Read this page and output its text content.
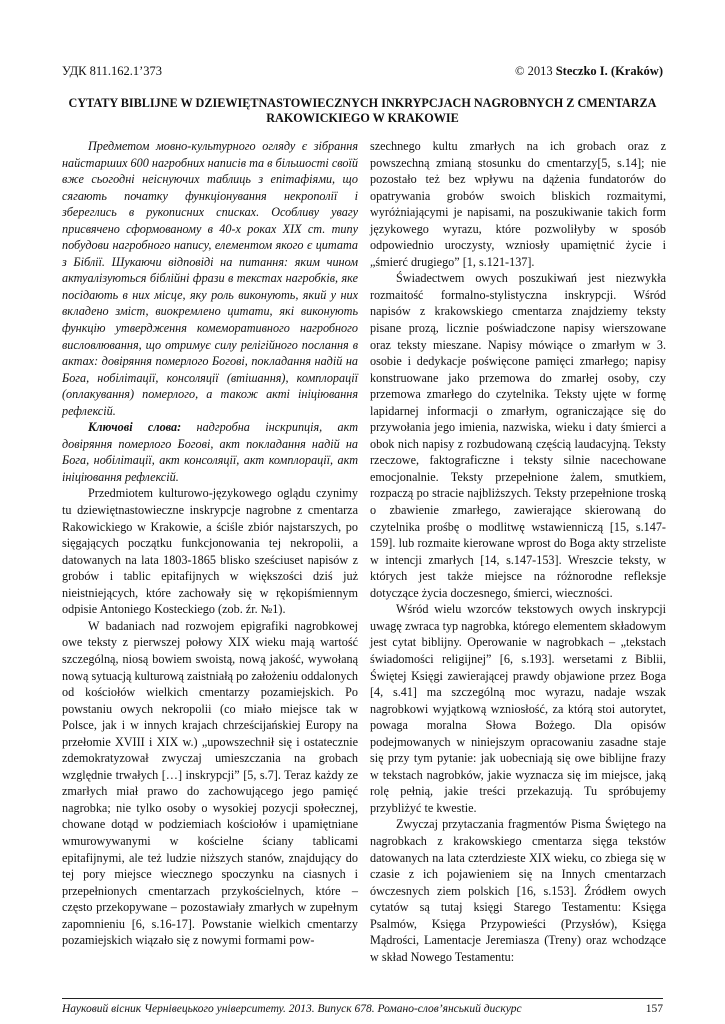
УДК 811.162.1’373	© 2013 Steczko I. (Kraków)
CYTATY BIBLIJNE W DZIEWIĘTNASTOWIECZNYCH INKRYPCJACH NAGROBNYCH Z CMENTARZA RAKOWICKIEGO W KRAKOWIE

Предметом мовно-культурного огляду є зібрання найстарших 600 нагробних написів та в більшості своїй вже сьогодні неіснуючих таблиць з епітафіями, що сягають початку функціонування некрополії і збереглись в рукописних списках. Особливу увагу присвячено сформованому в 40-х роках XIX ст. типу побудови нагробного напису, елементом якого є цитата з Біблії. Шукаючи відповіді на питання: яким чином актуалізуються біблійні фрази в текстах нагробків, яке посідають в них місце, яку роль виконують, який у них вкладено зміст, виокремлено цитати, які виконують функцію утвердження комеморативного нагробного висловлювання, що отримує силу релігійного послання в актах: довіряння померлого Богові, покладання надій на Бога, нобілітації, консоляції (втішання), комплорації (оплакування) померлого, а також акті ініціювання рефлексій.

Ключові слова: надгробна інскрипція, акт довіряння померлого Богові, акт покладання надій на Бога, нобілітації, акт консоляції, акт комплорації, акт ініціювання рефлексій.

Przedmiotem kulturowo-językowego oglądu czynimy tu dziewiętnastowieczne inskrypcje nagrobne z cmentarza Rakowickiego w Krakowie, a ściśle zbiór najstarszych, po sięgających początku funkcjonowania tej nekropolii, a datowanych na lata 1803-1865 blisko sześciuset napisów z grobów i tablic epitafijnych w większości dziś już nieistniejących, które zachowały się w rękopiśmiennym odpisie Antoniego Kosteckiego (zob. źr. №1).

W badaniach nad rozwojem epigrafiki nagrobkowej owe teksty z pierwszej połowy XIX wieku mają wartość szczególną, niosą bowiem swoistą, nową jakość, wywołaną nową sytuacją kulturową zaistniałą po założeniu oddalonych od kościołów wielkich cmentarzy pozamiejskich. Po powstaniu owych nekropolii (co miało miejsce tak w Polsce, jak i w innych krajach chrześcijańskiej Europy na przełomie XVIII i XIX w.) „upowszechnił się i ostatecznie zdemokratyzował zwyczaj umieszczania na grobach względnie trwałych […] inskrypcji” [5, s.7]. Teraz każdy ze zmarłych miał prawo do zachowującego jego pamięć nagrobka; nie tylko osoby o wysokiej pozycji społecznej, chowane dotąd w podziemiach kościołów i upamiętniane wmurowywanymi w kościelne ściany tablicami epitafijnymi, ale też ludzie niższych stanów, znajdujący do tej pory miejsce wiecznego spoczynku na ciasnych i przepełnionych cmentarzach przykościelnych, które – często przekopywane – pozostawiały zmarłych w zupełnym zapomnieniu [6, s.16-17]. Powstanie wielkich cmentarzy pozamiejskich wiązało się z nowymi formami pow-

szechnego kultu zmarłych na ich grobach oraz z powszechną zmianą stosunku do cmentarzy[5, s.14]; nie pozostało też bez wpływu na dążenia fundatorów do opatrywania grobów swoich bliskich rozmaitymi, wyróżniającymi je napisami, na poszukiwanie takich form językowego wyrazu, które pozwoliłyby w sposób odpowiednio uroczysty, wzniosły upamiętnić życie i „śmierć drugiego” [1, s.121-137].

Świadectwem owych poszukiwań jest niezwykła rozmaitość formalno-stylistyczna inskrypcji. Wśród napisów z krakowskiego cmentarza znajdziemy teksty pisane prozą, licznie poświadczone napisy wierszowane oraz teksty mieszane. Napisy mówiące o zmarłym w 3. osobie i dedykacje poświęcone pamięci zmarłego; napisy konstruowane jako przemowa do zmarłej osoby, czy przemowa zmarłego do czytelnika. Teksty ujęte w formę lapidarnej informacji o zmarłym, ograniczające się do przywołania jego imienia, nazwiska, wieku i daty śmierci a obok nich napisy z rozbudowaną częścią laudacyjną. Teksty rzeczowe, faktograficzne i teksty silnie nacechowane emocjonalnie. Teksty przepełnione żalem, smutkiem, rozpaczą po stracie najbliższych. Teksty przepełnione troską o zbawienie zmarłego, zawierające skierowaną do czytelnika prośbę o modlitwę wstawienniczą [15, s.147-159]. lub rozmaite kierowane wprost do Boga akty strzeliste w intencji zmarłych [14, s.147-153]. Wreszcie teksty, w których jest także miejsce na różnorodne refleksje dotyczące życia doczesnego, śmierci, wieczności.

Wśród wielu wzorców tekstowych owych inskrypcji uwagę zwraca typ nagrobka, którego elementem składowym jest cytat biblijny. Operowanie w nagrobkach – „tekstach świadomości religijnej” [6, s.193]. wersetami z Biblii, Świętej Księgi zawierającej prawdy objawione przez Boga [4, s.41] ma szczególną moc wyrazu, nadaje wszak nagrobkowi wyjątkową wzniosłość, za którą stoi autorytet, powaga moralna Słowa Bożego. Dla opisów podejmowanych w niniejszym opracowaniu zasadne staje się przy tym pytanie: jak uobecniają się owe biblijne frazy w tekstach nagrobków, jakie wyznacza się im miejsce, jaką rolę pełnią, jakie treści przekazują. Tu spróbujemy przybliżyć te kwestie.

Zwyczaj przytaczania fragmentów Pisma Świętego na nagrobkach z krakowskiego cmentarza sięga tekstów datowanych na lata czterdzieste XIX wieku, co zbiega się w czasie z ich pojawieniem się na Innych cmentarzach ówczesnych ziem polskich [16, s.153]. Źródłem owych cytatów są tutaj księgi Starego Testamentu: Księga Psalmów, Księga Przypowieści (Przysłów), Księga Mądrości, Lamentacje Jeremiasza (Treny) oraz wchodzące w skład Nowego Testamentu:

Науковий вісник Чернівецького університету. 2013. Випуск 678. Романо-слов’янський дискурс	157
